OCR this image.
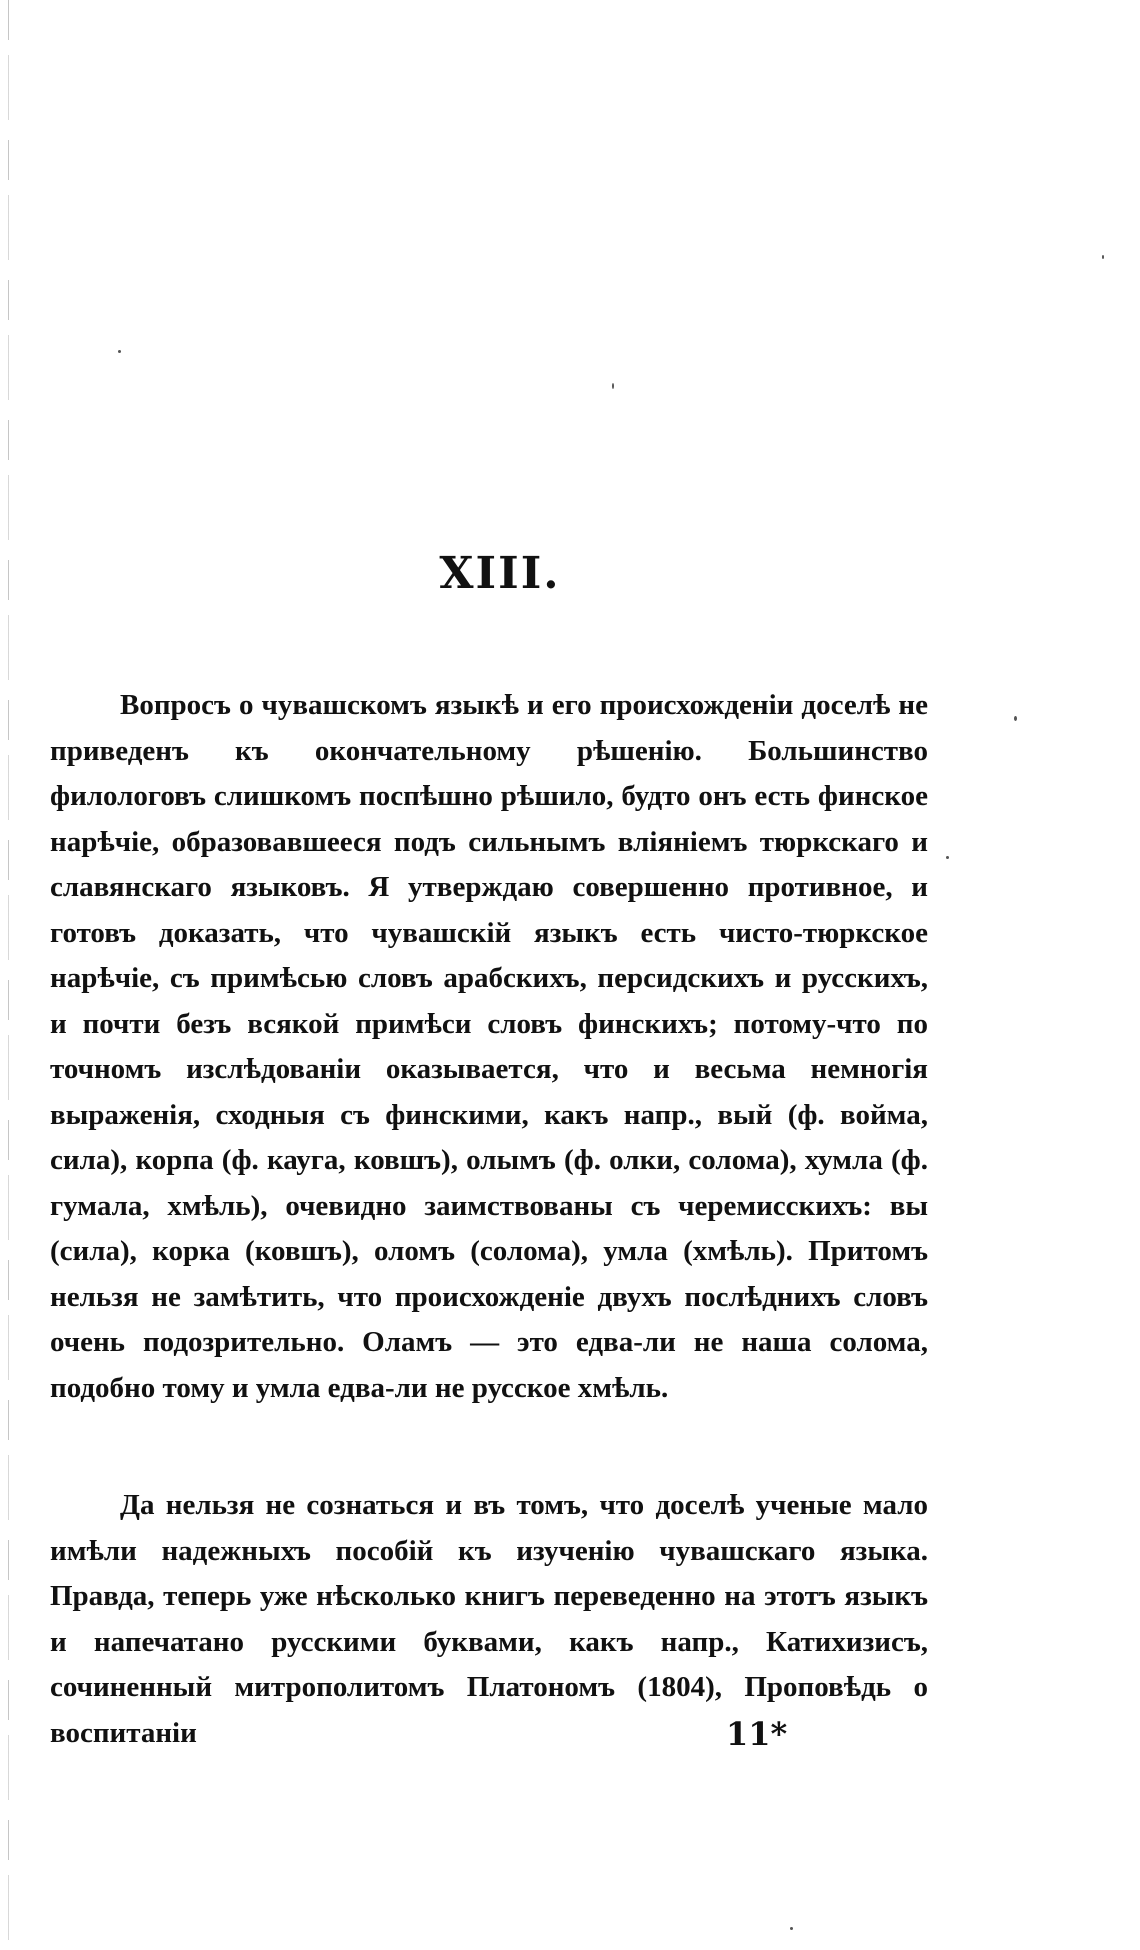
XIII.

Вопросъ о чувашскомъ языкѣ и его происхожденіи доселѣ не приведенъ къ окончательному рѣшенію. Большинство филологовъ слишкомъ поспѣшно рѣшило, будто онъ есть финское нарѣчіе, образовавшееся подъ сильнымъ вліяніемъ тюркскаго и славянскаго языковъ. Я утверждаю совершенно противное, и готовъ доказать, что чувашскій языкъ есть чисто-тюркское нарѣчіе, съ примѣсью словъ арабскихъ, персидскихъ и русскихъ, и почти безъ всякой примѣси словъ финскихъ; потому-что по точномъ изслѣдованіи оказывается, что и весьма немногія выраженія, сходныя съ финскими, какъ напр., вый (ф. войма, сила), корпа (ф. кауга, ковшъ), олымъ (ф. олки, солома), хумла (ф. гумала, хмѣль), очевидно заимствованы съ черемисскихъ: вы (сила), корка (ковшъ), оломъ (солома), умла (хмѣль). Притомъ нельзя не замѣтить, что происхожденіе двухъ послѣднихъ словъ очень подозрительно. Оламъ — это едва-ли не наша солома, подобно тому и умла едва-ли не русское хмѣль.

Да нельзя не сознаться и въ томъ, что доселѣ ученые мало имѣли надежныхъ пособій къ изученію чувашскаго языка. Правда, теперь уже нѣсколько книгъ переведенно на этотъ языкъ и напечатано русскими буквами, какъ напр., Катихизисъ, сочиненный митрополитомъ Платономъ (1804), Проповѣдь о воспитаніи	11*
